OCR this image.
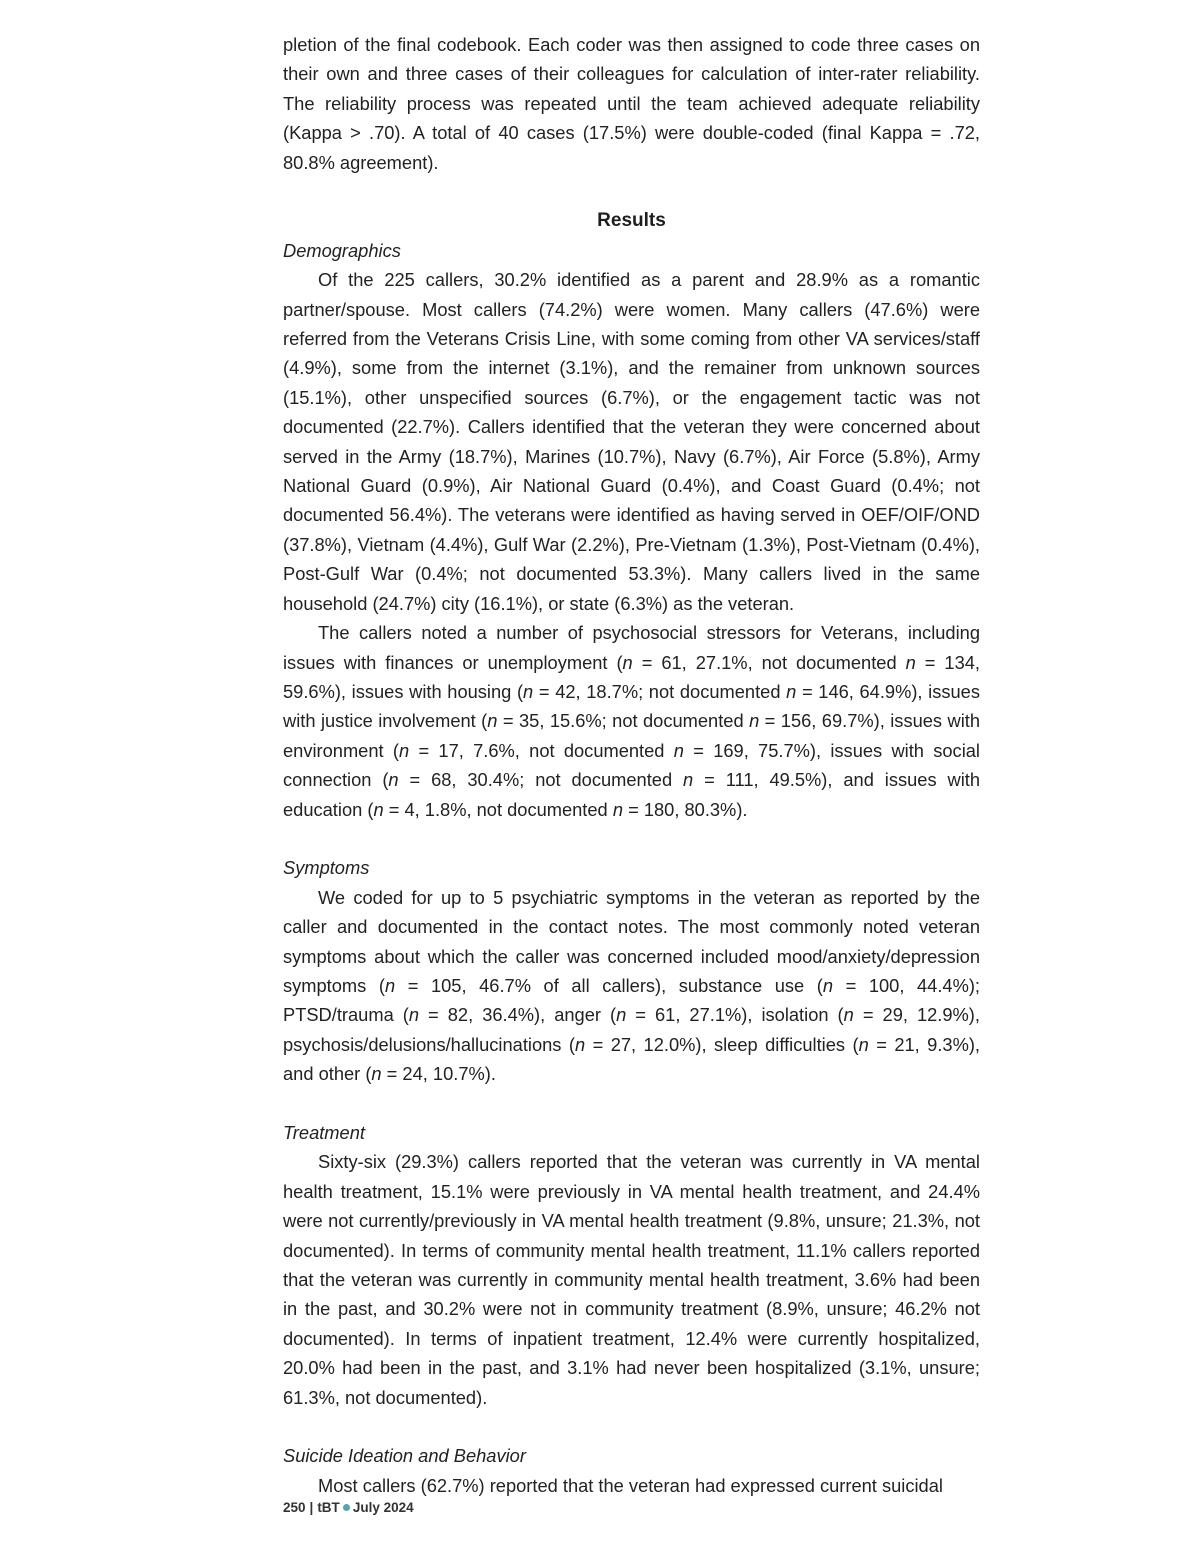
pletion of the final codebook. Each coder was then assigned to code three cases on their own and three cases of their colleagues for calculation of inter-rater reliability. The reliability process was repeated until the team achieved adequate reliability (Kappa > .70). A total of 40 cases (17.5%) were double-coded (final Kappa = .72, 80.8% agreement).

Results
Demographics

Of the 225 callers, 30.2% identified as a parent and 28.9% as a romantic partner/spouse. Most callers (74.2%) were women. Many callers (47.6%) were referred from the Veterans Crisis Line, with some coming from other VA services/staff (4.9%), some from the internet (3.1%), and the remainer from unknown sources (15.1%), other unspecified sources (6.7%), or the engagement tactic was not documented (22.7%). Callers identified that the veteran they were concerned about served in the Army (18.7%), Marines (10.7%), Navy (6.7%), Air Force (5.8%), Army National Guard (0.9%), Air National Guard (0.4%), and Coast Guard (0.4%; not documented 56.4%). The veterans were identified as having served in OEF/OIF/OND (37.8%), Vietnam (4.4%), Gulf War (2.2%), Pre-Vietnam (1.3%), Post-Vietnam (0.4%), Post-Gulf War (0.4%; not documented 53.3%). Many callers lived in the same household (24.7%) city (16.1%), or state (6.3%) as the veteran.

The callers noted a number of psychosocial stressors for Veterans, including issues with finances or unemployment (n = 61, 27.1%, not documented n = 134, 59.6%), issues with housing (n = 42, 18.7%; not documented n = 146, 64.9%), issues with justice involvement (n = 35, 15.6%; not documented n = 156, 69.7%), issues with environment (n = 17, 7.6%, not documented n = 169, 75.7%), issues with social connection (n = 68, 30.4%; not documented n = 111, 49.5%), and issues with education (n = 4, 1.8%, not documented n = 180, 80.3%).

Symptoms

We coded for up to 5 psychiatric symptoms in the veteran as reported by the caller and documented in the contact notes. The most commonly noted veteran symptoms about which the caller was concerned included mood/anxiety/depression symptoms (n = 105, 46.7% of all callers), substance use (n = 100, 44.4%); PTSD/trauma (n = 82, 36.4%), anger (n = 61, 27.1%), isolation (n = 29, 12.9%), psychosis/delusions/hallucinations (n = 27, 12.0%), sleep difficulties (n = 21, 9.3%), and other (n = 24, 10.7%).

Treatment

Sixty-six (29.3%) callers reported that the veteran was currently in VA mental health treatment, 15.1% were previously in VA mental health treatment, and 24.4% were not currently/previously in VA mental health treatment (9.8%, unsure; 21.3%, not documented). In terms of community mental health treatment, 11.1% callers reported that the veteran was currently in community mental health treatment, 3.6% had been in the past, and 30.2% were not in community treatment (8.9%, unsure; 46.2% not documented). In terms of inpatient treatment, 12.4% were currently hospitalized, 20.0% had been in the past, and 3.1% had never been hospitalized (3.1%, unsure; 61.3%, not documented).

Suicide Ideation and Behavior

Most callers (62.7%) reported that the veteran had expressed current suicidal

250 | tBT July 2024
